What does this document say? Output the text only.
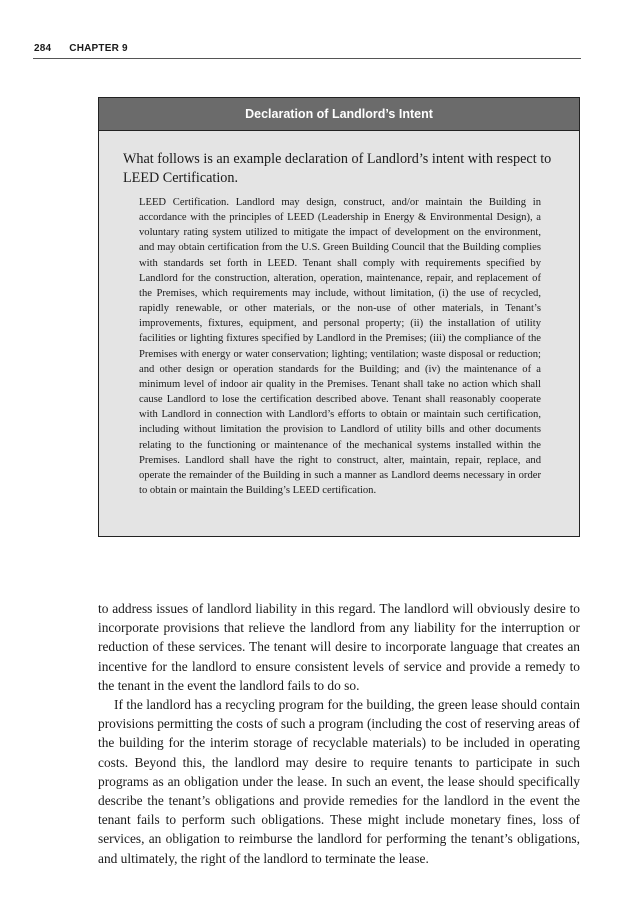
284 CHAPTER 9
Declaration of Landlord’s Intent
What follows is an example declaration of Landlord’s intent with respect to LEED Certification.
LEED Certification. Landlord may design, construct, and/or maintain the Building in accordance with the principles of LEED (Leadership in Energy & Environmental Design), a voluntary rating system utilized to mitigate the impact of development on the environment, and may obtain certification from the U.S. Green Building Council that the Building complies with standards set forth in LEED. Tenant shall comply with requirements specified by Landlord for the construction, alteration, operation, maintenance, repair, and replacement of the Premises, which requirements may include, without limitation, (i) the use of recycled, rapidly renewable, or other materials, or the non-use of other materials, in Tenant’s improvements, fixtures, equipment, and personal property; (ii) the installation of utility facilities or lighting fixtures specified by Landlord in the Premises; (iii) the compliance of the Premises with energy or water conservation; lighting; ventilation; waste disposal or reduction; and other design or operation standards for the Building; and (iv) the maintenance of a minimum level of indoor air quality in the Premises. Tenant shall take no action which shall cause Landlord to lose the certification described above. Tenant shall reasonably cooperate with Landlord in connection with Landlord’s efforts to obtain or maintain such certification, including without limitation the provision to Landlord of utility bills and other documents relating to the functioning or maintenance of the mechanical systems installed within the Premises. Landlord shall have the right to construct, alter, maintain, repair, replace, and operate the remainder of the Building in such a manner as Landlord deems necessary in order to obtain or maintain the Building’s LEED certification.

to address issues of landlord liability in this regard. The landlord will obviously desire to incorporate provisions that relieve the landlord from any liability for the interruption or reduction of these services. The tenant will desire to incorporate language that creates an incentive for the landlord to ensure consistent levels of service and provide a remedy to the tenant in the event the landlord fails to do so.

If the landlord has a recycling program for the building, the green lease should contain provisions permitting the costs of such a program (including the cost of reserving areas of the building for the interim storage of recyclable materials) to be included in operating costs. Beyond this, the landlord may desire to require tenants to participate in such programs as an obligation under the lease. In such an event, the lease should specifically describe the tenant’s obligations and provide remedies for the landlord in the event the tenant fails to perform such obligations. These might include monetary fines, loss of services, an obligation to reimburse the landlord for performing the tenant’s obligations, and ultimately, the right of the landlord to terminate the lease.
